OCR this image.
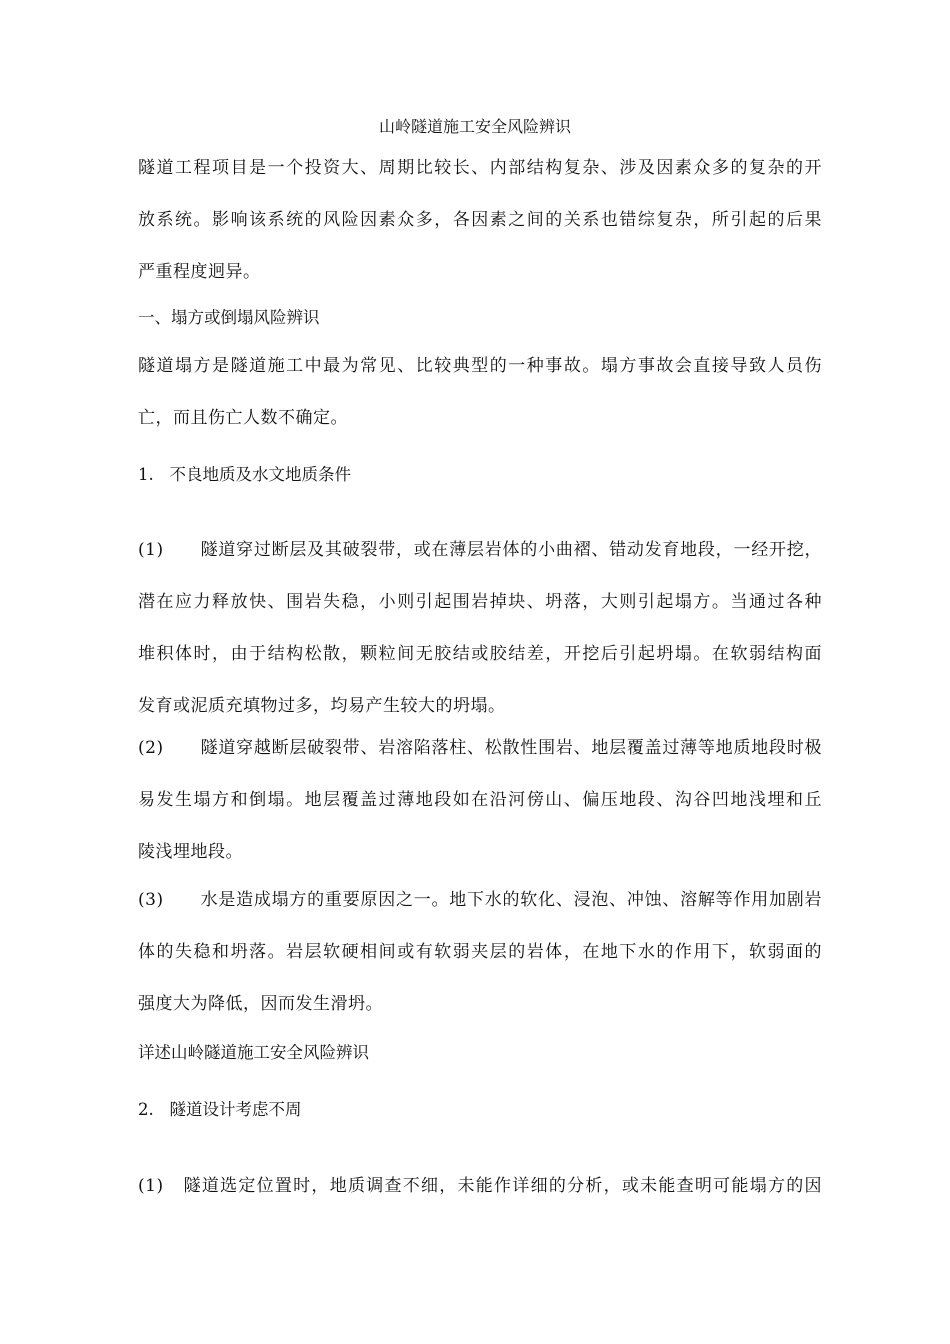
山岭隧道施工安全风险辨识
隧道工程项目是一个投资大、周期比较长、内部结构复杂、涉及因素众多的复杂的开
放系统。影响该系统的风险因素众多，各因素之间的关系也错综复杂，所引起的后果
严重程度迥异。
一、塌方或倒塌风险辨识
隧道塌方是隧道施工中最为常见、比较典型的一种事故。塌方事故会直接导致人员伤
亡，而且伤亡人数不确定。
1. 不良地质及水文地质条件
(1) 隧道穿过断层及其破裂带，或在薄层岩体的小曲褶、错动发育地段，一经开挖，
潜在应力释放快、围岩失稳，小则引起围岩掉块、坍落，大则引起塌方。当通过各种
堆积体时，由于结构松散，颗粒间无胶结或胶结差，开挖后引起坍塌。在软弱结构面
发育或泥质充填物过多，均易产生较大的坍塌。
(2) 隧道穿越断层破裂带、岩溶陷落柱、松散性围岩、地层覆盖过薄等地质地段时极
易发生塌方和倒塌。地层覆盖过薄地段如在沿河傍山、偏压地段、沟谷凹地浅埋和丘
陵浅埋地段。
(3) 水是造成塌方的重要原因之一。地下水的软化、浸泡、冲蚀、溶解等作用加剧岩
体的失稳和坍落。岩层软硬相间或有软弱夹层的岩体，在地下水的作用下，软弱面的
强度大为降低，因而发生滑坍。
详述山岭隧道施工安全风险辨识
2. 隧道设计考虑不周
(1) 隧道选定位置时，地质调查不细，未能作详细的分析，或未能查明可能塌方的因
